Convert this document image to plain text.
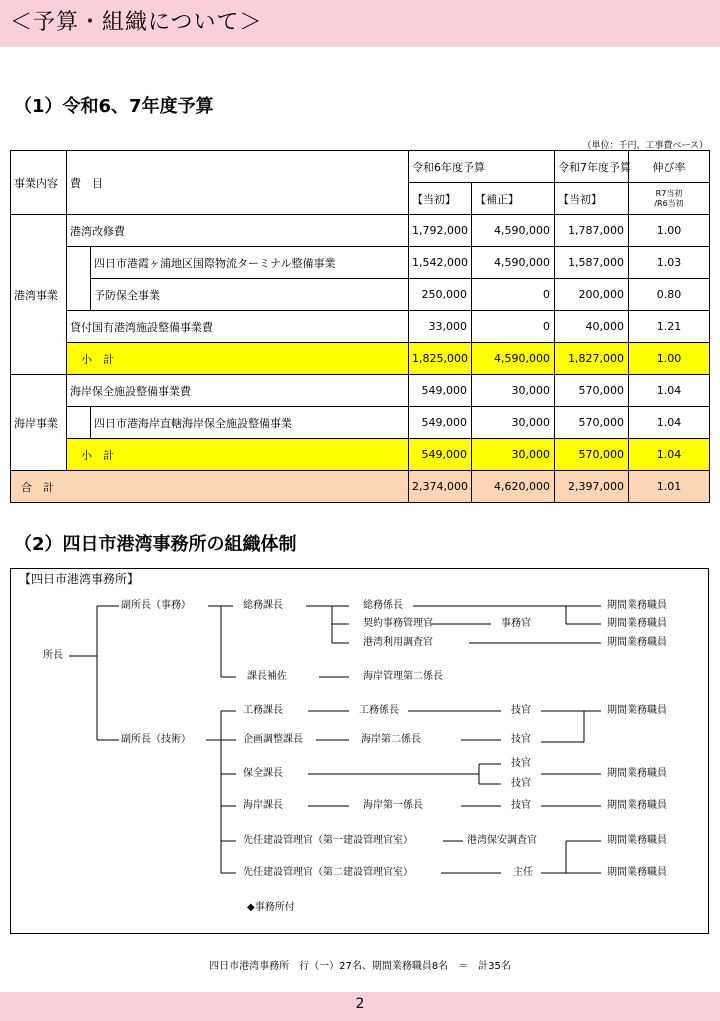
＜予算・組織について＞
（1）令和6、7年度予算
（単位：千円、工事費ベース）
事業内容	費　目		令和6年度予算		令和7年度予算	伸び率
			【当初】	【補正】	【当初】	R7当初
/R6当初

港湾事業	港湾改修費		1,792,000	4,590,000	1,787,000	1.00
		四日市港霞ヶ浦地区国際物流ターミナル整備事業	1,542,000	4,590,000	1,587,000	1.03
		予防保全事業	250,000	0	200,000	0.80
	貸付国有港湾施設整備事業費		33,000	0	40,000	1.21
	小　計		1,825,000	4,590,000	1,827,000	1.00
海岸事業	海岸保全施設整備事業費		549,000	30,000	570,000	1.04
		四日市港海岸直轄海岸保全施設整備事業	549,000	30,000	570,000	1.04
	小　計		549,000	30,000	570,000	1.04
合　計			2,374,000	4,620,000	2,397,000	1.01
（2）四日市港湾事務所の組織体制
【四日市港湾事務所】
所長
副所長（事務）
副所長（技術）
総務課長	総務係長
契約事務管理官
港湾利用調査官
事務官
期間業務職員
期間業務職員
期間業務職員
課長補佐	海岸管理第二係長
工務課長	工務係長	技官	期間業務職員
企画調整課長	海岸第二係長	技官
保全課長
技官
技官
期間業務職員
海岸課長	海岸第一係長	技官	期間業務職員
先任建設管理官（第一建設管理官室）	港湾保安調査官	期間業務職員
先任建設管理官（第二建設管理官室）	主任	期間業務職員
◆事務所付
四日市港湾事務所　行（一）27名、期間業務職員8名　＝　計35名
2
